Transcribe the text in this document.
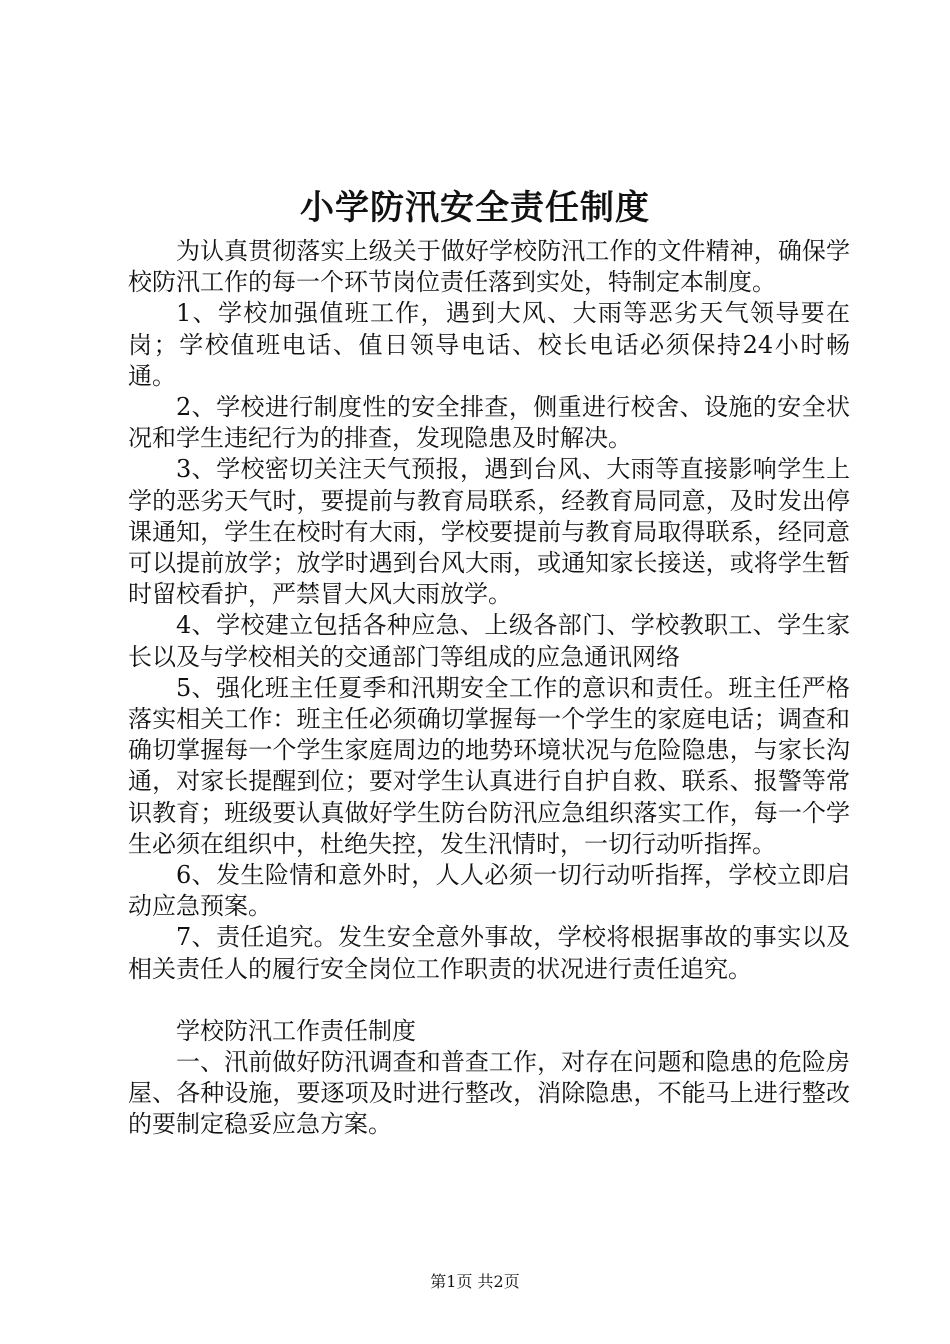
小学防汛安全责任制度

为认真贯彻落实上级关于做好学校防汛工作的文件精神，确保学校防汛工作的每一个环节岗位责任落到实处，特制定本制度。

1、学校加强值班工作，遇到大风、大雨等恶劣天气领导要在岗；学校值班电话、值日领导电话、校长电话必须保持24小时畅通。

2、学校进行制度性的安全排查，侧重进行校舍、设施的安全状况和学生违纪行为的排查，发现隐患及时解决。

3、学校密切关注天气预报，遇到台风、大雨等直接影响学生上学的恶劣天气时，要提前与教育局联系，经教育局同意，及时发出停课通知，学生在校时有大雨，学校要提前与教育局取得联系，经同意可以提前放学；放学时遇到台风大雨，或通知家长接送，或将学生暂时留校看护，严禁冒大风大雨放学。

4、学校建立包括各种应急、上级各部门、学校教职工、学生家长以及与学校相关的交通部门等组成的应急通讯网络

5、强化班主任夏季和汛期安全工作的意识和责任。班主任严格落实相关工作：班主任必须确切掌握每一个学生的家庭电话；调查和确切掌握每一个学生家庭周边的地势环境状况与危险隐患，与家长沟通，对家长提醒到位；要对学生认真进行自护自救、联系、报警等常识教育；班级要认真做好学生防台防汛应急组织落实工作，每一个学生必须在组织中，杜绝失控，发生汛情时，一切行动听指挥。

6、发生险情和意外时，人人必须一切行动听指挥，学校立即启动应急预案。

7、责任追究。发生安全意外事故，学校将根据事故的事实以及相关责任人的履行安全岗位工作职责的状况进行责任追究。

学校防汛工作责任制度

一、汛前做好防汛调查和普查工作，对存在问题和隐患的危险房屋、各种设施，要逐项及时进行整改，消除隐患，不能马上进行整改的要制定稳妥应急方案。

第1页 共2页
